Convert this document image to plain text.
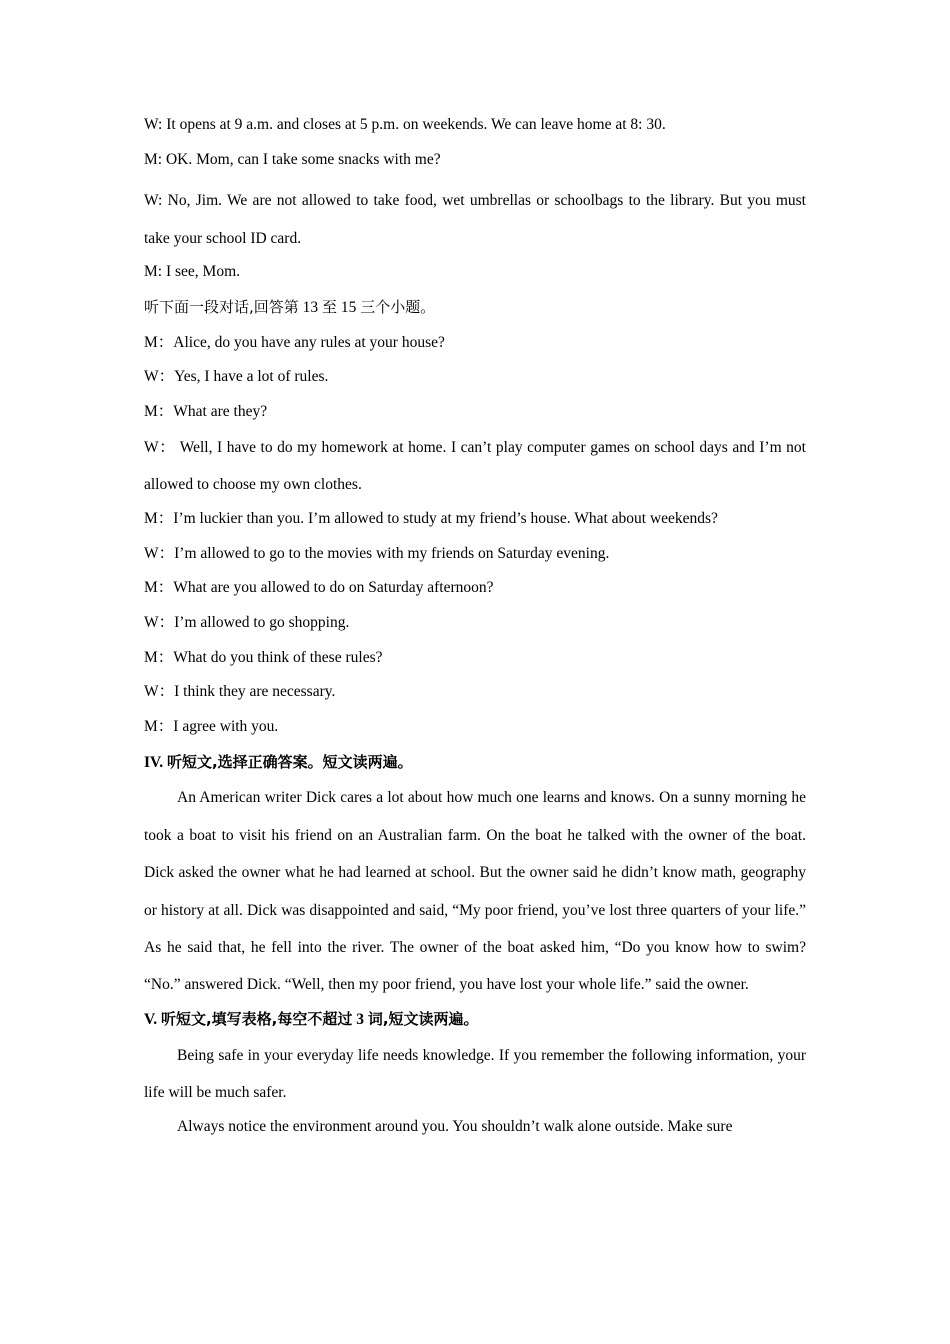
W: It opens at 9 a.m. and closes at 5 p.m. on weekends. We can leave home at 8: 30.
M: OK. Mom, can I take some snacks with me?
W: No, Jim. We are not allowed to take food, wet umbrellas or schoolbags to the library. But you must take your school ID card.
M: I see, Mom.
听下面一段对话,回答第 13 至 15 三个小题。
M：Alice, do you have any rules at your house?
W：Yes, I have a lot of rules.
M：What are they?
W： Well, I have to do my homework at home. I can’t play computer games on school days and I’m not allowed to choose my own clothes.
M：I’m luckier than you. I’m allowed to study at my friend’s house. What about weekends?
W：I’m allowed to go to the movies with my friends on Saturday evening.
M：What are you allowed to do on Saturday afternoon?
W：I’m allowed to go shopping.
M：What do you think of these rules?
W：I think they are necessary.
M：I agree with you.
IV. 听短文,选择正确答案。短文读两遍。
An American writer Dick cares a lot about how much one learns and knows. On a sunny morning he took a boat to visit his friend on an Australian farm. On the boat he talked with the owner of the boat. Dick asked the owner what he had learned at school. But the owner said he didn’t know math, geography or history at all. Dick was disappointed and said, “My poor friend, you’ve lost three quarters of your life.” As he said that, he fell into the river. The owner of the boat asked him, “Do you know how to swim? “No.” answered Dick. “Well, then my poor friend, you have lost your whole life.” said the owner.
V. 听短文,填写表格,每空不超过 3 词,短文读两遍。
Being safe in your everyday life needs knowledge. If you remember the following information, your life will be much safer.
Always notice the environment around you. You shouldn’t walk alone outside. Make sure
